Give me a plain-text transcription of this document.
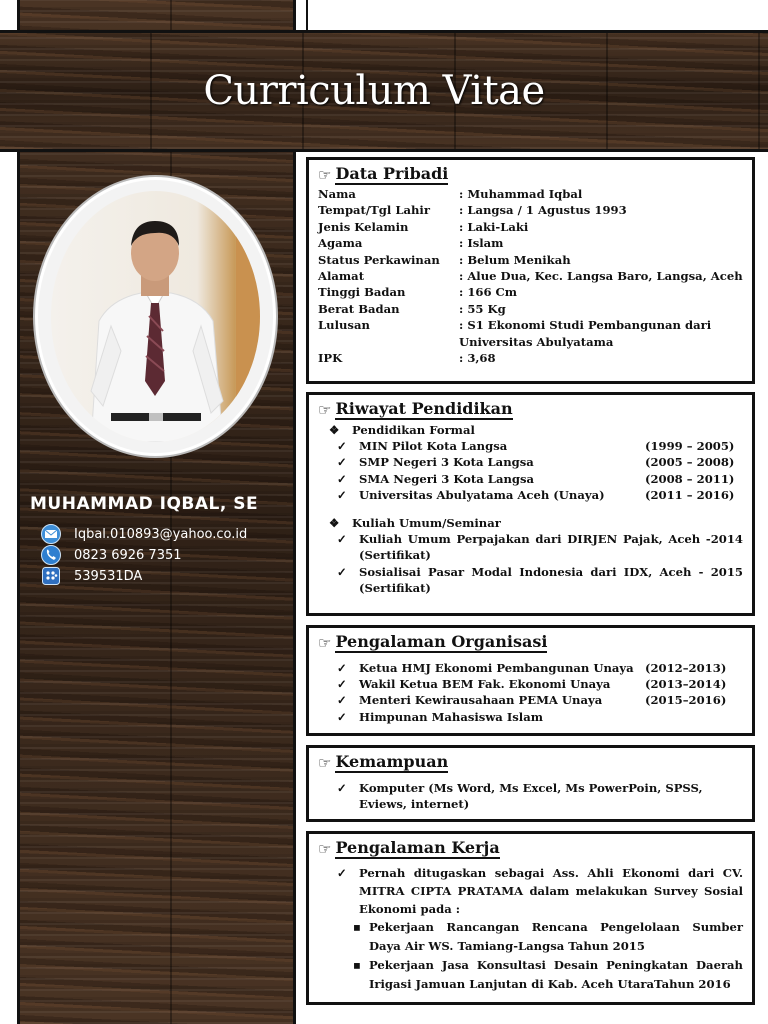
Curriculum Vitae
MUHAMMAD IQBAL, SE
Iqbal.010893@yahoo.co.id
0823 6926 7351
539531DA
☞ Data Pribadi
Nama	: Muhammad Iqbal
Tempat/Tgl Lahir	: Langsa / 1 Agustus 1993
Jenis Kelamin	: Laki-Laki
Agama	: Islam
Status Perkawinan	: Belum Menikah
Alamat	: Alue Dua, Kec. Langsa Baro, Langsa, Aceh
Tinggi Badan	: 166 Cm
Berat Badan	: 55 Kg
Lulusan	: S1 Ekonomi Studi Pembangunan dari
Universitas Abulyatama
IPK	: 3,68
☞ Riwayat Pendidikan
❖	Pendidikan Formal
✓	MIN Pilot Kota Langsa	(1999 – 2005)
✓	SMP Negeri 3 Kota Langsa	(2005 – 2008)
✓	SMA Negeri 3 Kota Langsa	(2008 – 2011)
✓	Universitas Abulyatama Aceh (Unaya)	(2011 – 2016)
❖	Kuliah Umum/Seminar
✓	Kuliah Umum Perpajakan dari DIRJEN Pajak, Aceh -2014 (Sertifikat)
✓	Sosialisai Pasar Modal Indonesia dari IDX, Aceh - 2015 (Sertifikat)
☞ Pengalaman Organisasi
✓	Ketua HMJ Ekonomi Pembangunan Unaya (2012–2013)
✓	Wakil Ketua BEM Fak. Ekonomi Unaya	(2013–2014)
✓	Menteri Kewirausahaan PEMA Unaya	(2015–2016)
✓	Himpunan Mahasiswa Islam
☞ Kemampuan
✓	Komputer (Ms Word, Ms Excel, Ms PowerPoin, SPSS, Eviews, internet)
☞ Pengalaman Kerja
✓	Pernah ditugaskan sebagai Ass. Ahli Ekonomi dari CV. MITRA CIPTA PRATAMA dalam melakukan Survey Sosial Ekonomi pada :
▪ Pekerjaan Rancangan Rencana Pengelolaan Sumber Daya Air WS. Tamiang-Langsa Tahun 2015
▪ Pekerjaan Jasa Konsultasi Desain Peningkatan Daerah Irigasi Jamuan Lanjutan di Kab. Aceh UtaraTahun 2016
